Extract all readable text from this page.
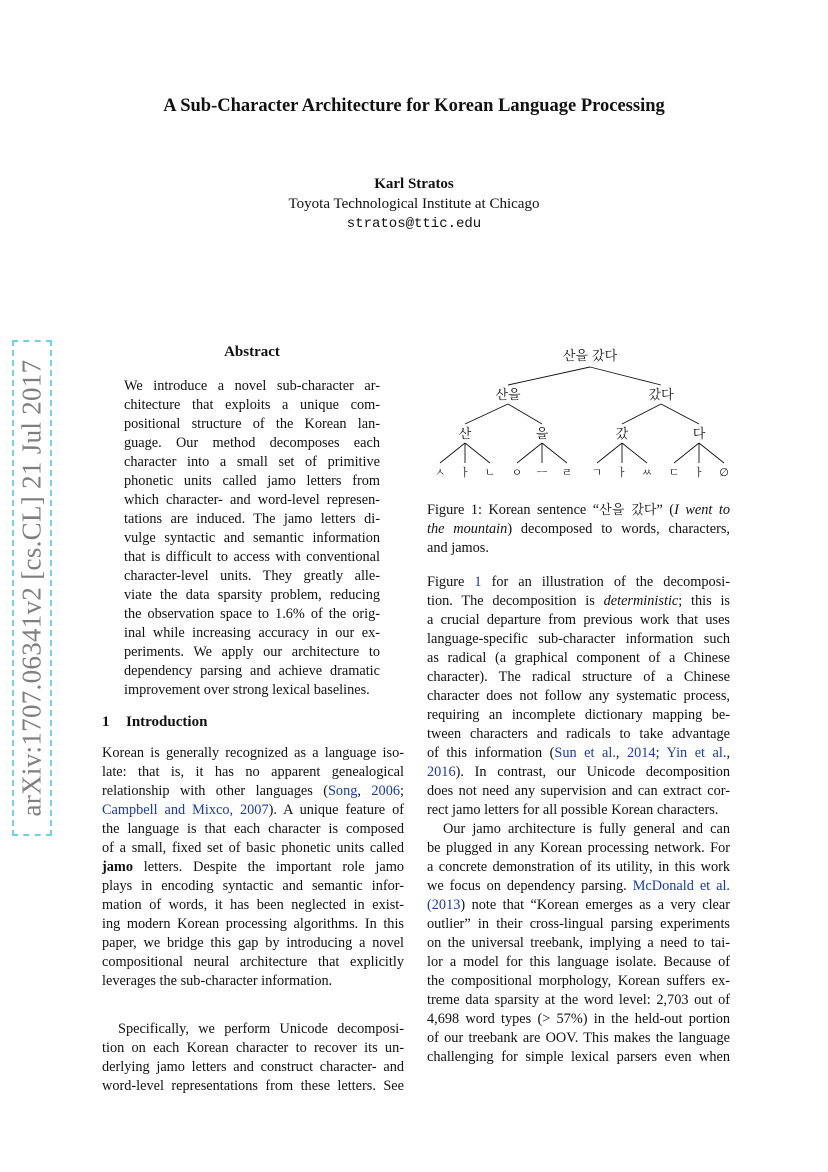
A Sub-Character Architecture for Korean Language Processing
Karl Stratos
Toyota Technological Institute at Chicago
stratos@ttic.edu
arXiv:1707.06341v2 [cs.CL] 21 Jul 2017
Abstract
We introduce a novel sub-character ar-
chitecture that exploits a unique com-
positional structure of the Korean lan-
guage. Our method decomposes each
character into a small set of primitive
phonetic units called jamo letters from
which character- and word-level represen-
tations are induced. The jamo letters di-
vulge syntactic and semantic information
that is difficult to access with conventional
character-level units. They greatly alle-
viate the data sparsity problem, reducing
the observation space to 1.6% of the orig-
inal while increasing accuracy in our ex-
periments. We apply our architecture to
dependency parsing and achieve dramatic
improvement over strong lexical baselines.
1 Introduction
Korean is generally recognized as a language iso-
late: that is, it has no apparent genealogical
relationship with other languages (Song, 2006;
Campbell and Mixco, 2007). A unique feature of
the language is that each character is composed
of a small, fixed set of basic phonetic units called
jamo letters. Despite the important role jamo
plays in encoding syntactic and semantic infor-
mation of words, it has been neglected in exist-
ing modern Korean processing algorithms. In this
paper, we bridge this gap by introducing a novel
compositional neural architecture that explicitly
leverages the sub-character information.
Specifically, we perform Unicode decomposi-
tion on each Korean character to recover its un-
derlying jamo letters and construct character- and
word-level representations from these letters. See
산을 갔다
산을	갔다
산	을	갔	다
ㅅ ㅏ ㄴ ㅇ ㅡ ㄹ ㄱ ㅏ ㅆ ㄷ ㅏ ∅
Figure 1: Korean sentence “산을 갔다” (I went to
the mountain) decomposed to words, characters,
and jamos.
Figure 1 for an illustration of the decomposi-
tion. The decomposition is deterministic; this is
a crucial departure from previous work that uses
language-specific sub-character information such
as radical (a graphical component of a Chinese
character). The radical structure of a Chinese
character does not follow any systematic process,
requiring an incomplete dictionary mapping be-
tween characters and radicals to take advantage
of this information (Sun et al., 2014; Yin et al.,
2016). In contrast, our Unicode decomposition
does not need any supervision and can extract cor-
rect jamo letters for all possible Korean characters.
Our jamo architecture is fully general and can
be plugged in any Korean processing network. For
a concrete demonstration of its utility, in this work
we focus on dependency parsing. McDonald et al.
(2013) note that “Korean emerges as a very clear
outlier” in their cross-lingual parsing experiments
on the universal treebank, implying a need to tai-
lor a model for this language isolate. Because of
the compositional morphology, Korean suffers ex-
treme data sparsity at the word level: 2,703 out of
4,698 word types (> 57%) in the held-out portion
of our treebank are OOV. This makes the language
challenging for simple lexical parsers even when
